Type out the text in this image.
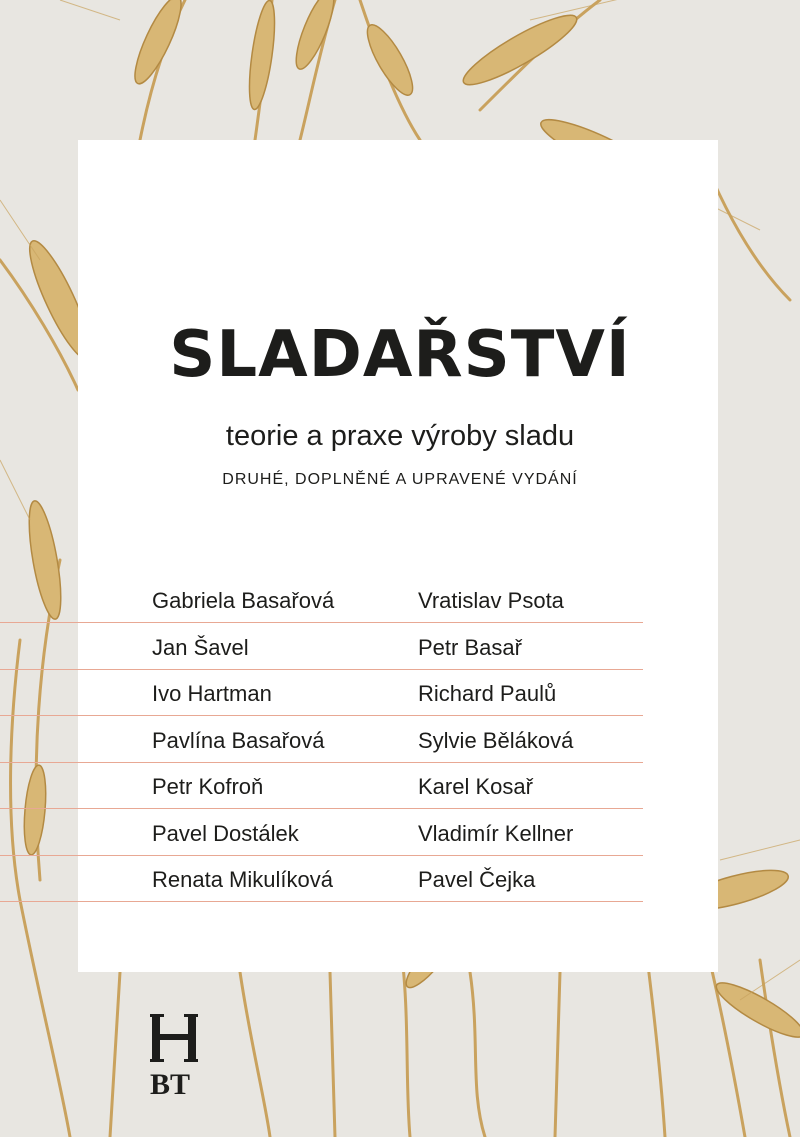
SLADAŘSTVÍ
teorie a praxe výroby sladu
DRUHÉ, DOPLNĚNÉ A UPRAVENÉ VYDÁNÍ
Gabriela Basařová	Vratislav Psota
Jan Šavel	Petr Basař
Ivo Hartman	Richard Paulů
Pavlína Basařová	Sylvie Běláková
Petr Kofroň	Karel Kosař
Pavel Dostálek	Vladimír Kellner
Renata Mikulíková	Pavel Čejka
BT
